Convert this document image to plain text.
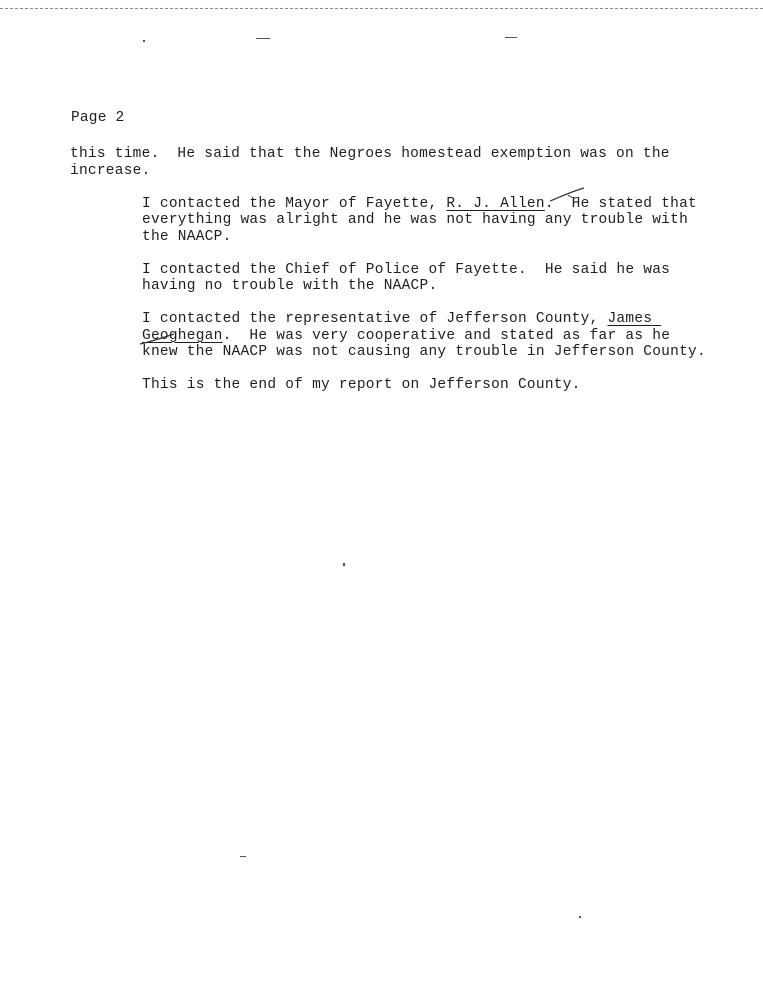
Page 2

this time.  He said that the Negroes homestead exemption was on the increase.

I contacted the Mayor of Fayette, R. J. Allen.  He stated that everything was alright and he was not having any trouble with the NAACP.

I contacted the Chief of Police of Fayette.  He said he was having no trouble with the NAACP.

I contacted the representative of Jefferson County, James Geoghegan.  He was very cooperative and stated as far as he knew the NAACP was not causing any trouble in Jefferson County.

This is the end of my report on Jefferson County.
